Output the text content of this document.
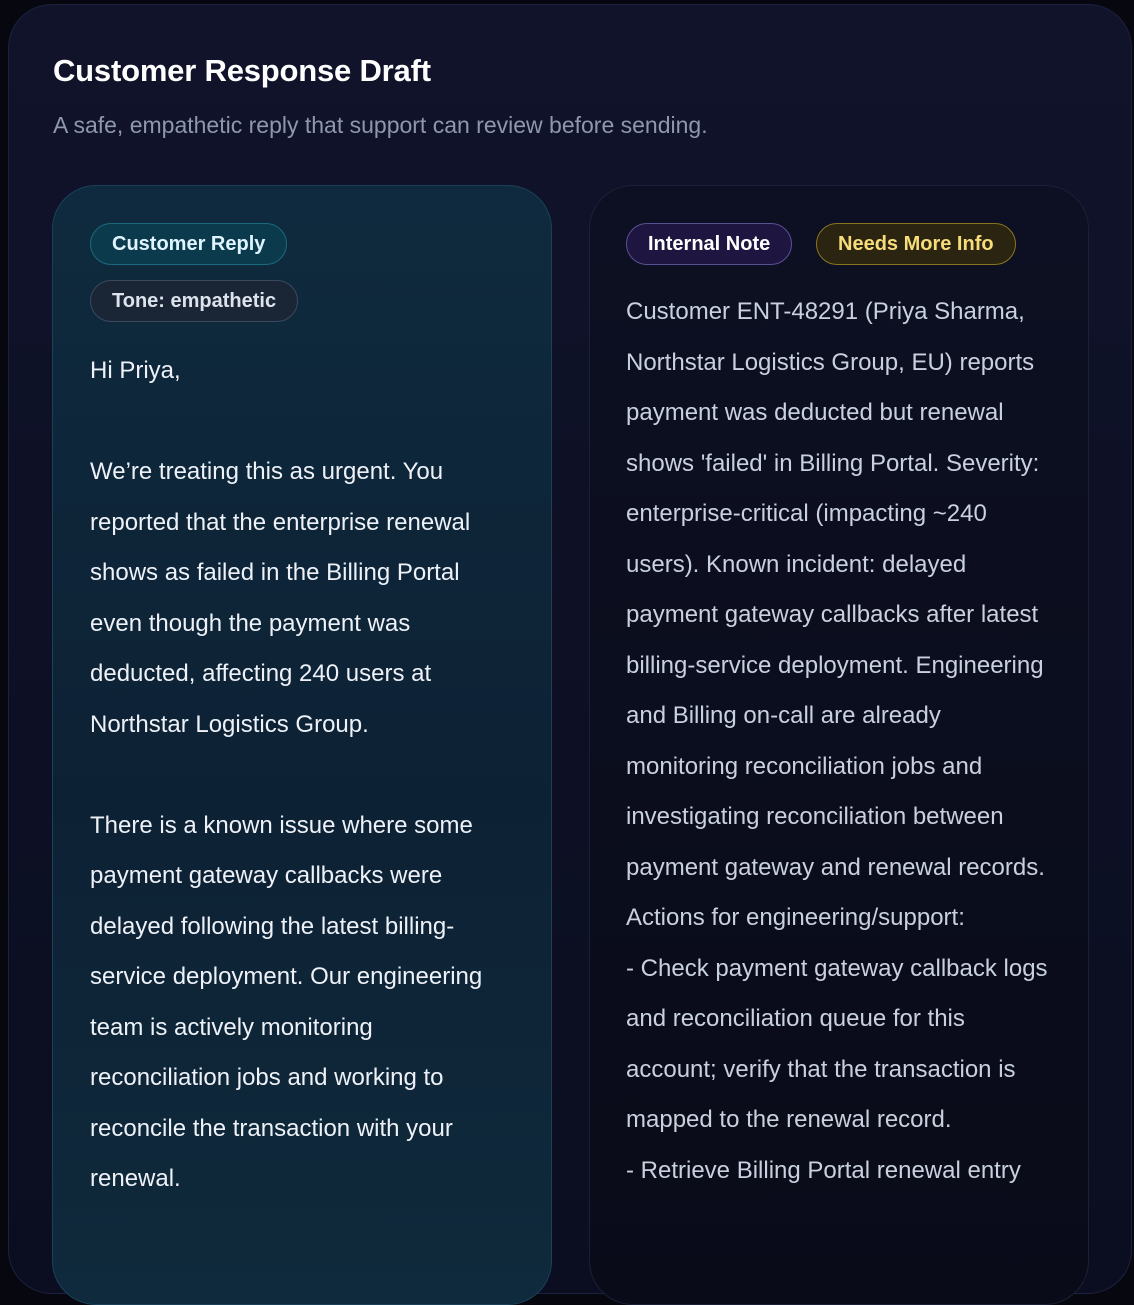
Customer Response Draft

A safe, empathetic reply that support can review before sending.

Customer Reply
Tone: empathetic

Hi Priya,

We’re treating this as urgent. You reported that the enterprise renewal shows as failed in the Billing Portal even though the payment was deducted, affecting 240 users at Northstar Logistics Group.

There is a known issue where some payment gateway callbacks were delayed following the latest billing-service deployment. Our engineering team is actively monitoring reconciliation jobs and working to reconcile the transaction with your renewal.

Internal Note	Needs More Info

Customer ENT-48291 (Priya Sharma, Northstar Logistics Group, EU) reports payment was deducted but renewal shows 'failed' in Billing Portal. Severity: enterprise-critical (impacting ~240 users). Known incident: delayed payment gateway callbacks after latest billing-service deployment. Engineering and Billing on-call are already monitoring reconciliation jobs and investigating reconciliation between payment gateway and renewal records. Actions for engineering/support:
- Check payment gateway callback logs and reconciliation queue for this account; verify that the transaction is mapped to the renewal record.
- Retrieve Billing Portal renewal entry
